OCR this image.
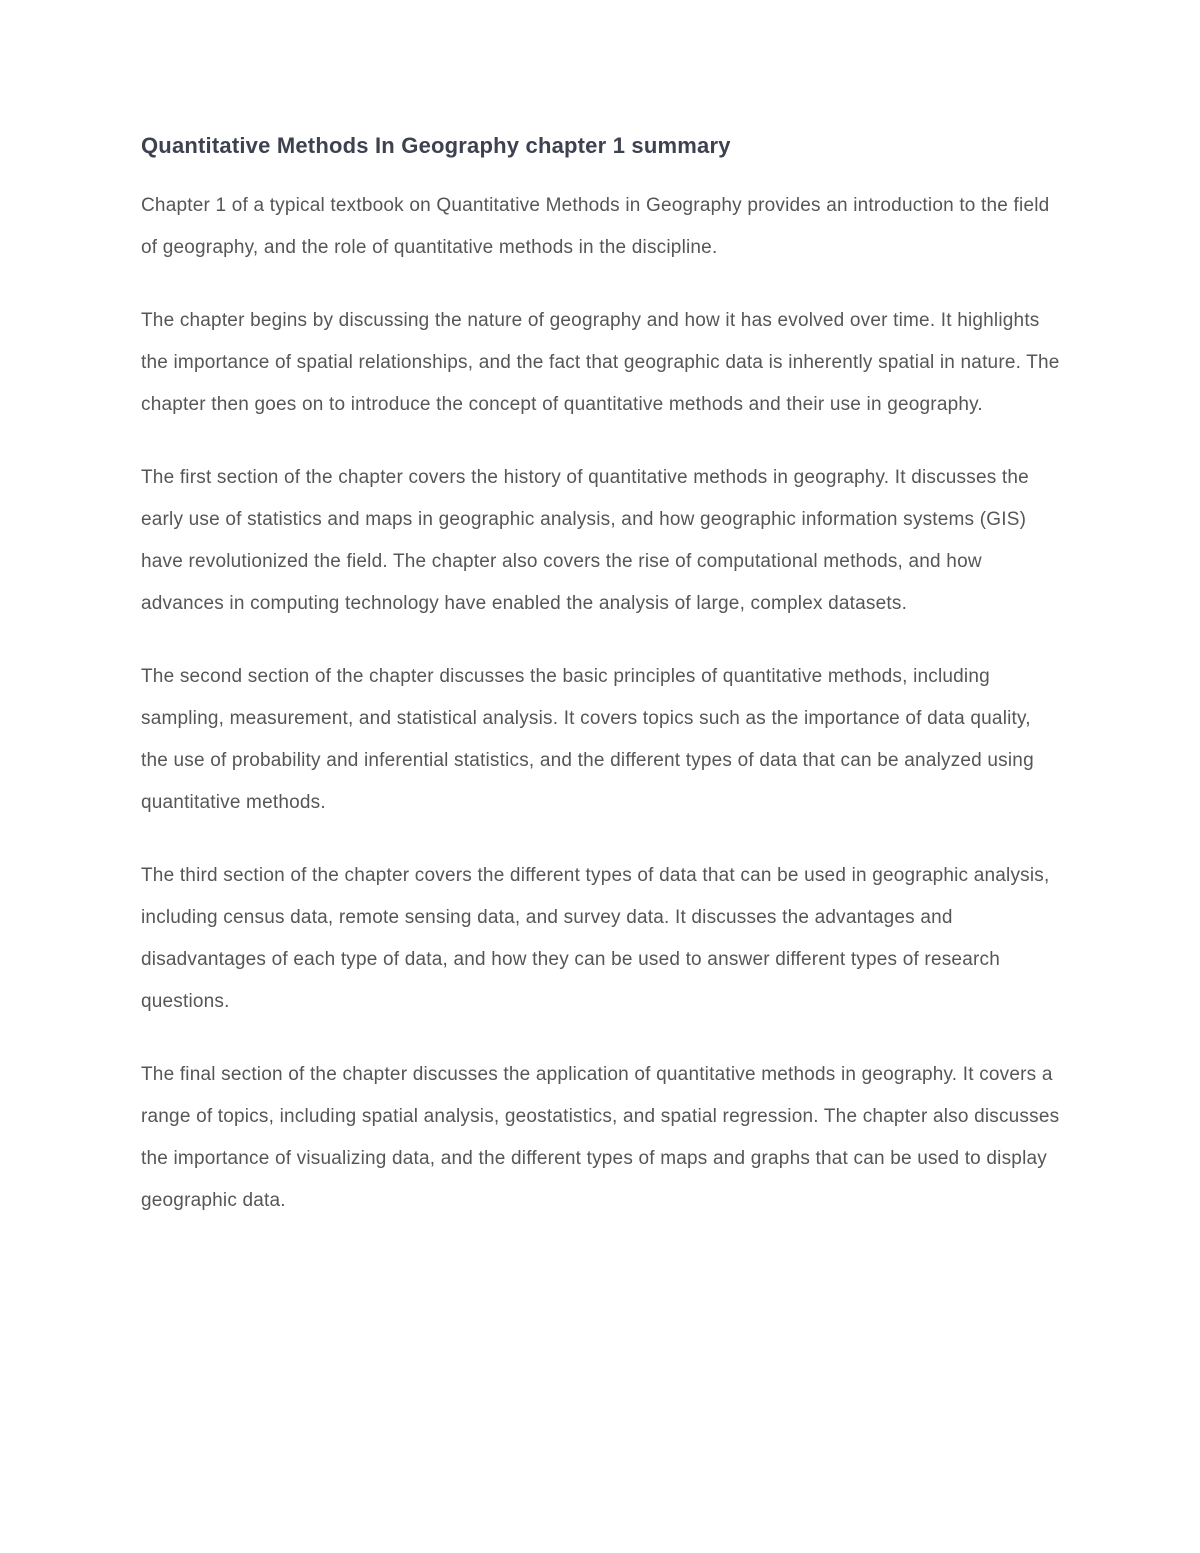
Quantitative Methods In Geography chapter 1 summary

Chapter 1 of a typical textbook on Quantitative Methods in Geography provides an introduction to the field of geography, and the role of quantitative methods in the discipline.

The chapter begins by discussing the nature of geography and how it has evolved over time. It highlights the importance of spatial relationships, and the fact that geographic data is inherently spatial in nature. The chapter then goes on to introduce the concept of quantitative methods and their use in geography.

The first section of the chapter covers the history of quantitative methods in geography. It discusses the early use of statistics and maps in geographic analysis, and how geographic information systems (GIS) have revolutionized the field. The chapter also covers the rise of computational methods, and how advances in computing technology have enabled the analysis of large, complex datasets.

The second section of the chapter discusses the basic principles of quantitative methods, including sampling, measurement, and statistical analysis. It covers topics such as the importance of data quality, the use of probability and inferential statistics, and the different types of data that can be analyzed using quantitative methods.

The third section of the chapter covers the different types of data that can be used in geographic analysis, including census data, remote sensing data, and survey data. It discusses the advantages and disadvantages of each type of data, and how they can be used to answer different types of research questions.

The final section of the chapter discusses the application of quantitative methods in geography. It covers a range of topics, including spatial analysis, geostatistics, and spatial regression. The chapter also discusses the importance of visualizing data, and the different types of maps and graphs that can be used to display geographic data.
